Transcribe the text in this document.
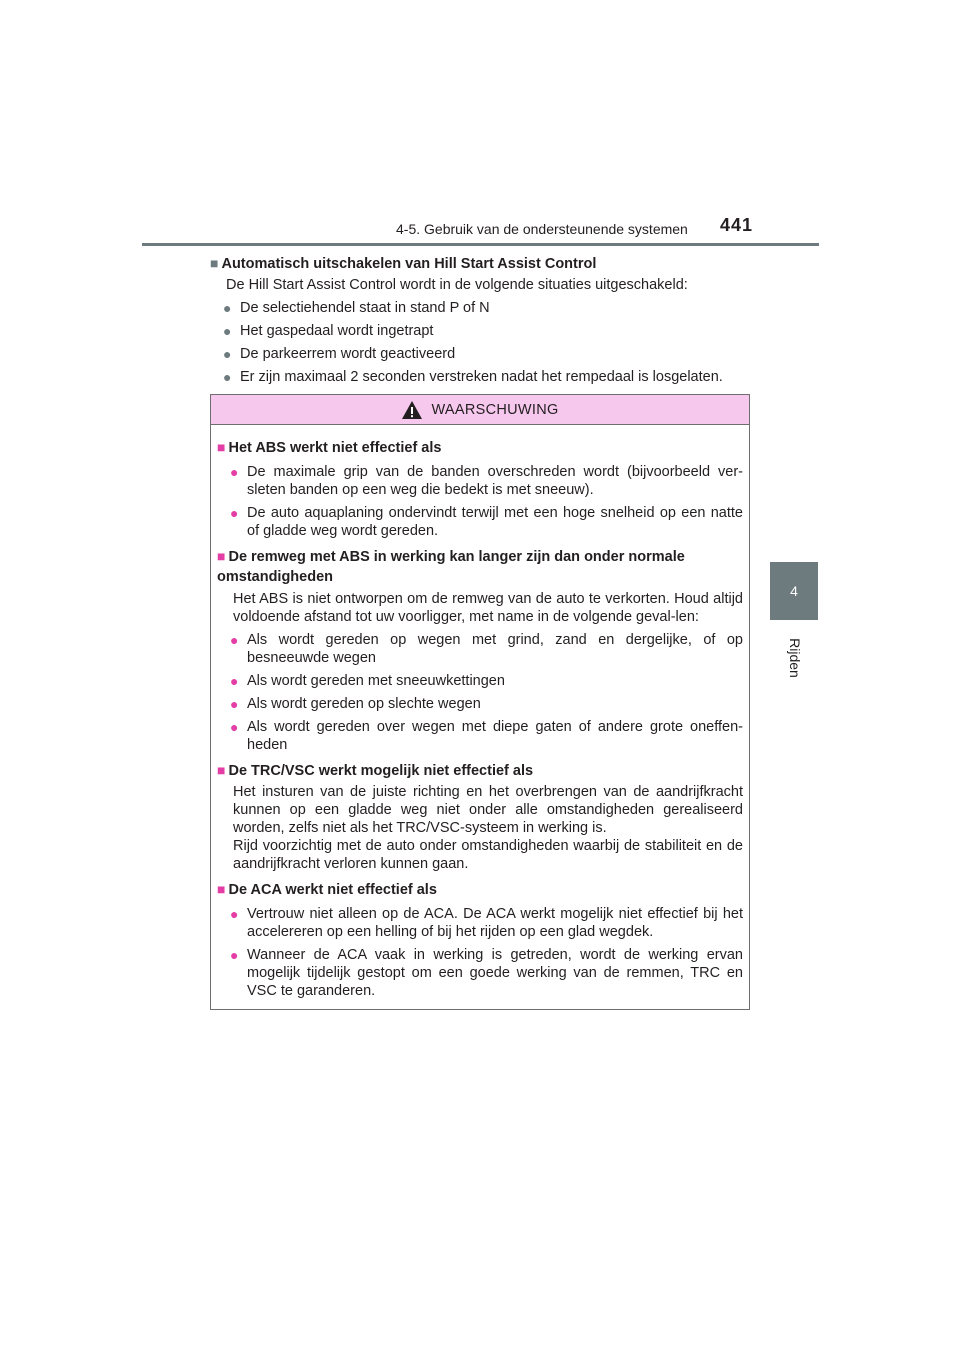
4-5. Gebruik van de ondersteunende systemen 441
4
Rijden
■ Automatisch uitschakelen van Hill Start Assist Control
De Hill Start Assist Control wordt in de volgende situaties uitgeschakeld:
● De selectiehendel staat in stand P of N
● Het gaspedaal wordt ingetrapt
● De parkeerrem wordt geactiveerd
● Er zijn maximaal 2 seconden verstreken nadat het rempedaal is losgelaten.
WAARSCHUWING
■ Het ABS werkt niet effectief als
● De maximale grip van de banden overschreden wordt (bijvoorbeeld ver-sleten banden op een weg die bedekt is met sneeuw).
● De auto aquaplaning ondervindt terwijl met een hoge snelheid op een natte of gladde weg wordt gereden.
■ De remweg met ABS in werking kan langer zijn dan onder normale omstandigheden
Het ABS is niet ontworpen om de remweg van de auto te verkorten. Houd altijd voldoende afstand tot uw voorligger, met name in de volgende geval-len:
● Als wordt gereden op wegen met grind, zand en dergelijke, of op besneeuwde wegen
● Als wordt gereden met sneeuwkettingen
● Als wordt gereden op slechte wegen
● Als wordt gereden over wegen met diepe gaten of andere grote oneffen-heden
■ De TRC/VSC werkt mogelijk niet effectief als
Het insturen van de juiste richting en het overbrengen van de aandrijfkracht kunnen op een gladde weg niet onder alle omstandigheden gerealiseerd worden, zelfs niet als het TRC/VSC-systeem in werking is.
Rijd voorzichtig met de auto onder omstandigheden waarbij de stabiliteit en de aandrijfkracht verloren kunnen gaan.
■ De ACA werkt niet effectief als
● Vertrouw niet alleen op de ACA. De ACA werkt mogelijk niet effectief bij het accelereren op een helling of bij het rijden op een glad wegdek.
● Wanneer de ACA vaak in werking is getreden, wordt de werking ervan mogelijk tijdelijk gestopt om een goede werking van de remmen, TRC en VSC te garanderen.
